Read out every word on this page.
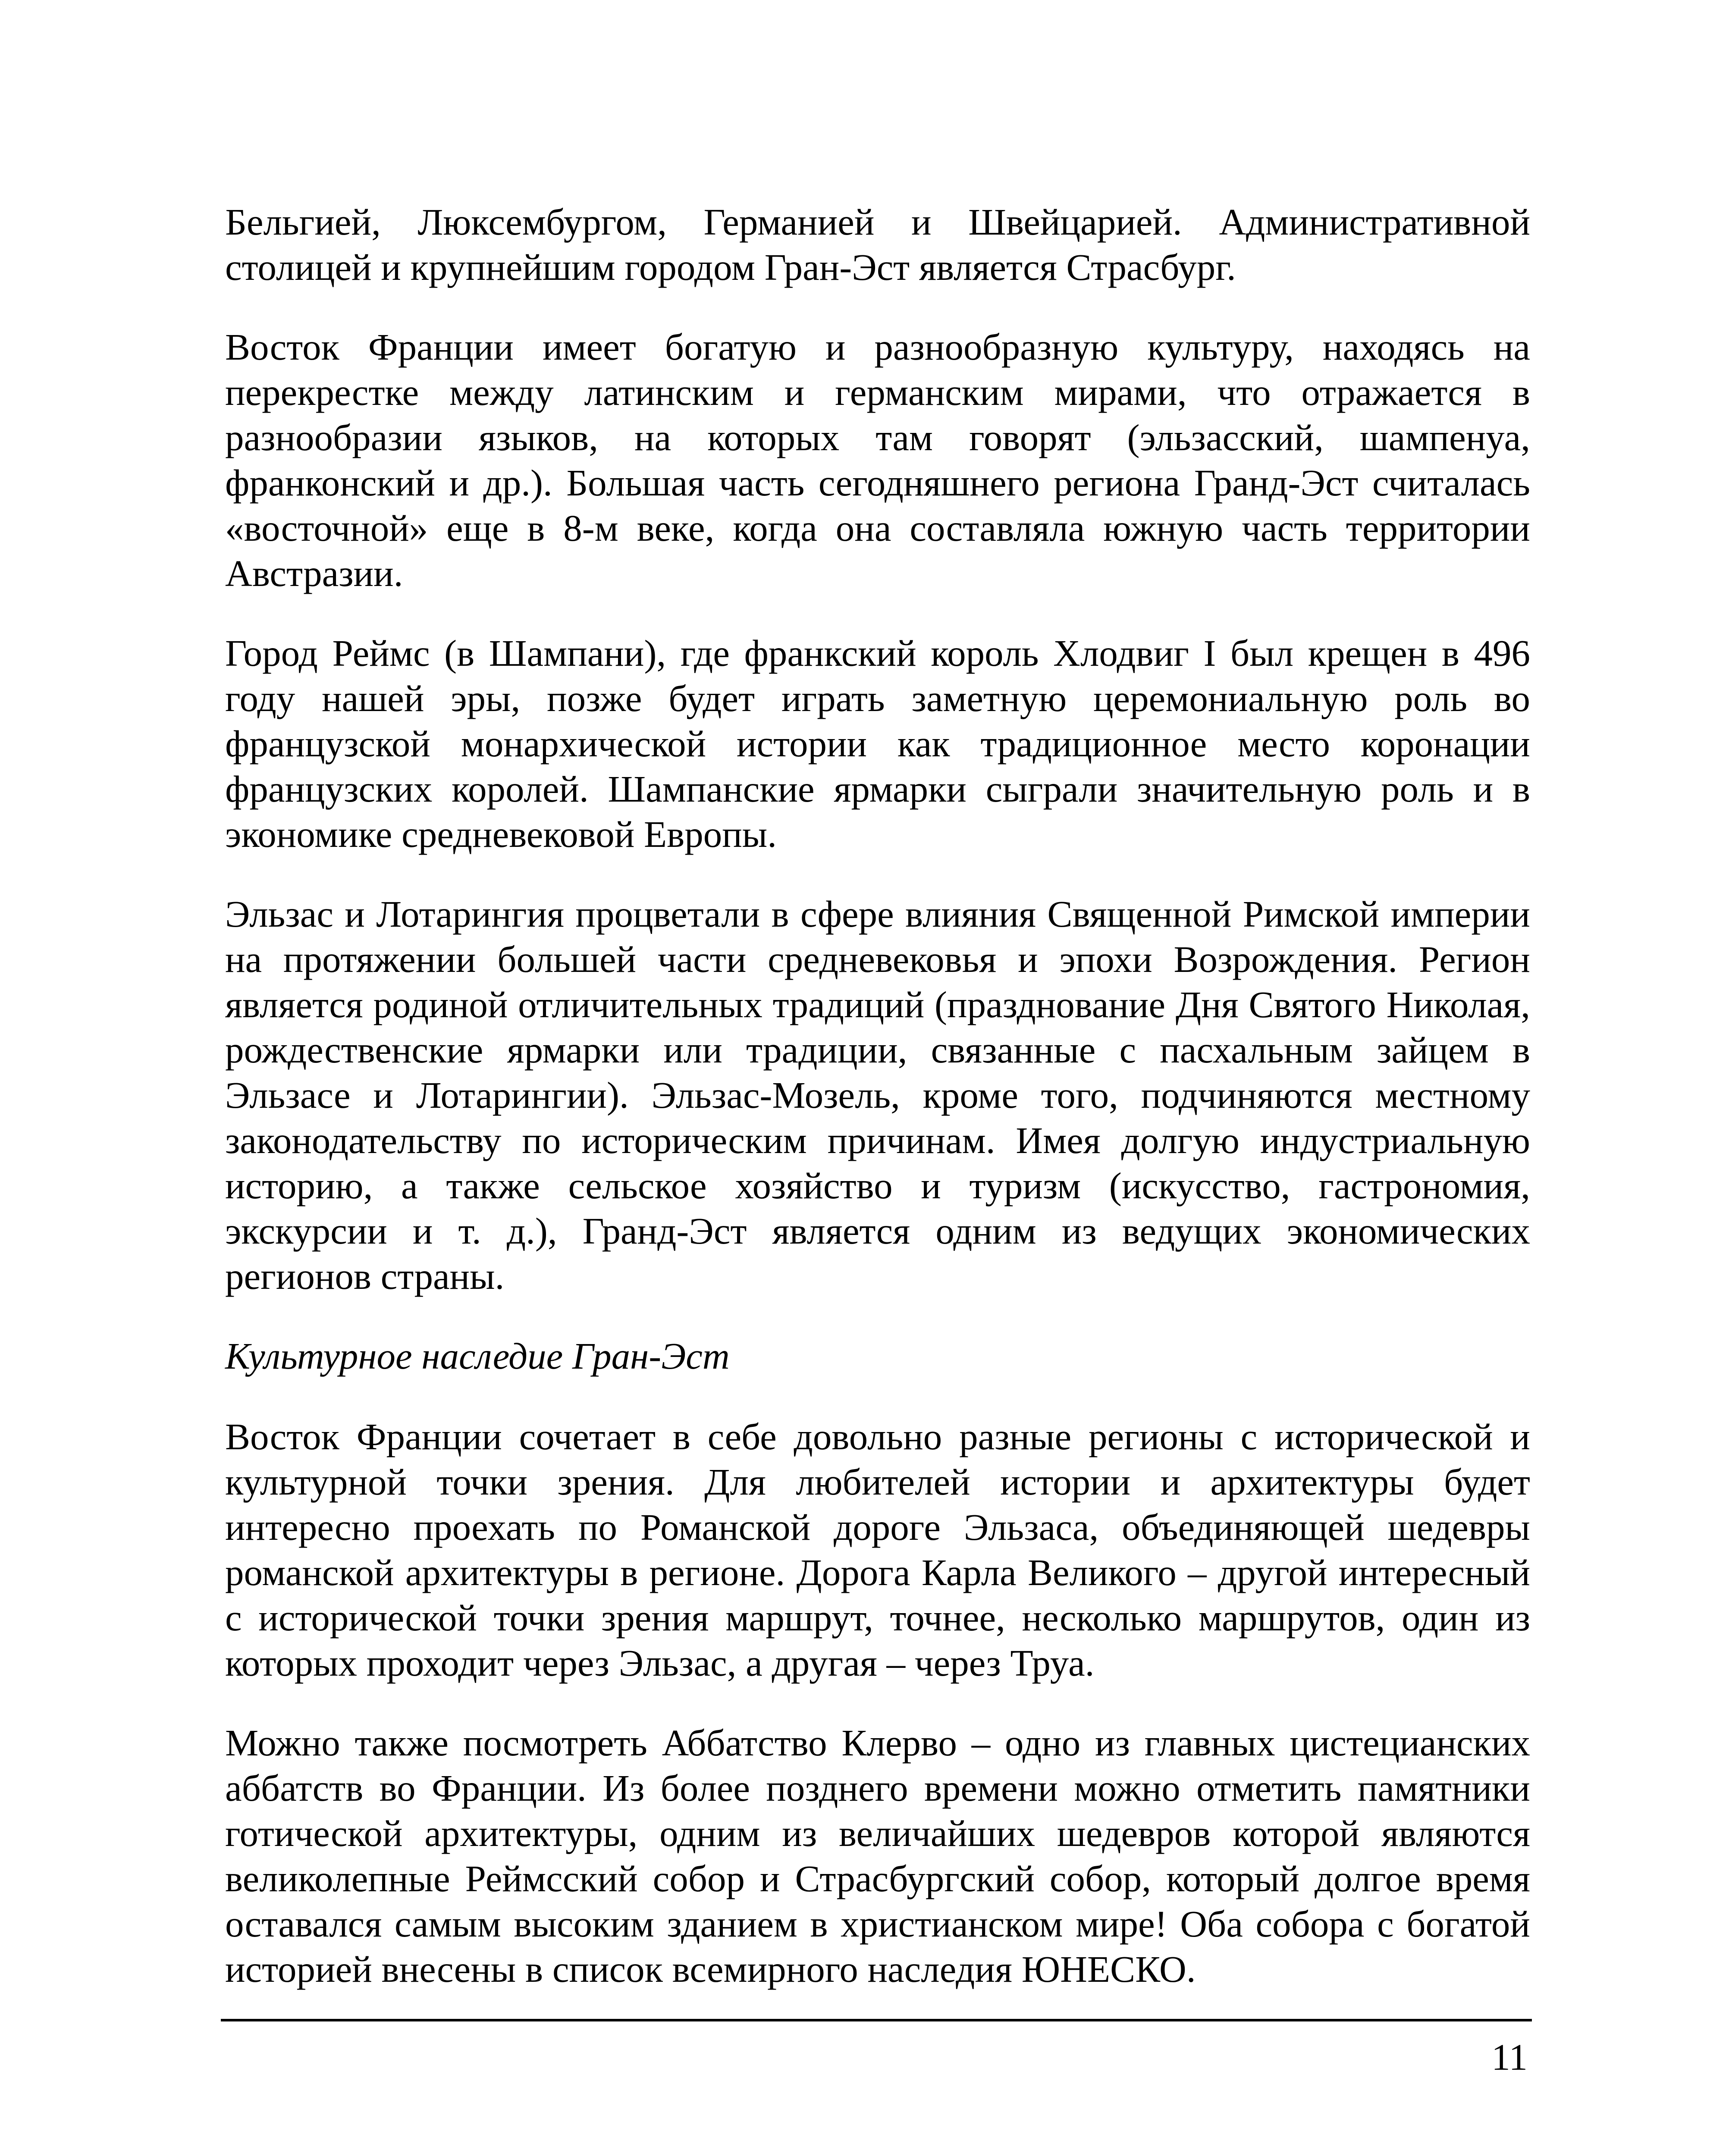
Бельгией, Люксембургом, Германией и Швейцарией. Административной столицей и крупнейшим городом Гран-Эст является Страсбург.

Восток Франции имеет богатую и разнообразную культуру, находясь на перекрестке между латинским и германским мирами, что отражается в разнообразии языков, на которых там говорят (эльзасский, шампенуа, франконский и др.). Большая часть сегодняшнего региона Гранд-Эст считалась «восточной» еще в 8-м веке, когда она составляла южную часть территории Австразии.

Город Реймс (в Шампани), где франкский король Хлодвиг I был крещен в 496 году нашей эры, позже будет играть заметную церемониальную роль во французской монархической истории как традиционное место коронации французских королей. Шампанские ярмарки сыграли значительную роль и в экономике средневековой Европы.

Эльзас и Лотарингия процветали в сфере влияния Священной Римской империи на протяжении большей части средневековья и эпохи Возрождения. Регион является родиной отличительных традиций (празднование Дня Святого Николая, рождественские ярмарки или традиции, связанные с пасхальным зайцем в Эльзасе и Лотарингии). Эльзас-Мозель, кроме того, подчиняются местному законодательству по историческим причинам. Имея долгую индустриальную историю, а также сельское хозяйство и туризм (искусство, гастрономия, экскурсии и т. д.), Гранд-Эст является одним из ведущих экономических регионов страны.

Культурное наследие Гран-Эст

Восток Франции сочетает в себе довольно разные регионы с исторической и культурной точки зрения. Для любителей истории и архитектуры будет интересно проехать по Романской дороге Эльзаса, объединяющей шедевры романской архитектуры в регионе. Дорога Карла Великого – другой интересный с исторической точки зрения маршрут, точнее, несколько маршрутов, один из которых проходит через Эльзас, а другая – через Труа.

Можно также посмотреть Аббатство Клерво – одно из главных цистецианских аббатств во Франции. Из более позднего времени можно отметить памятники готической архитектуры, одним из величайших шедевров которой являются великолепные Реймсский собор и Страсбургский собор, который долгое время оставался самым высоким зданием в христианском мире! Оба собора с богатой историей внесены в список всемирного наследия ЮНЕСКО.

11
